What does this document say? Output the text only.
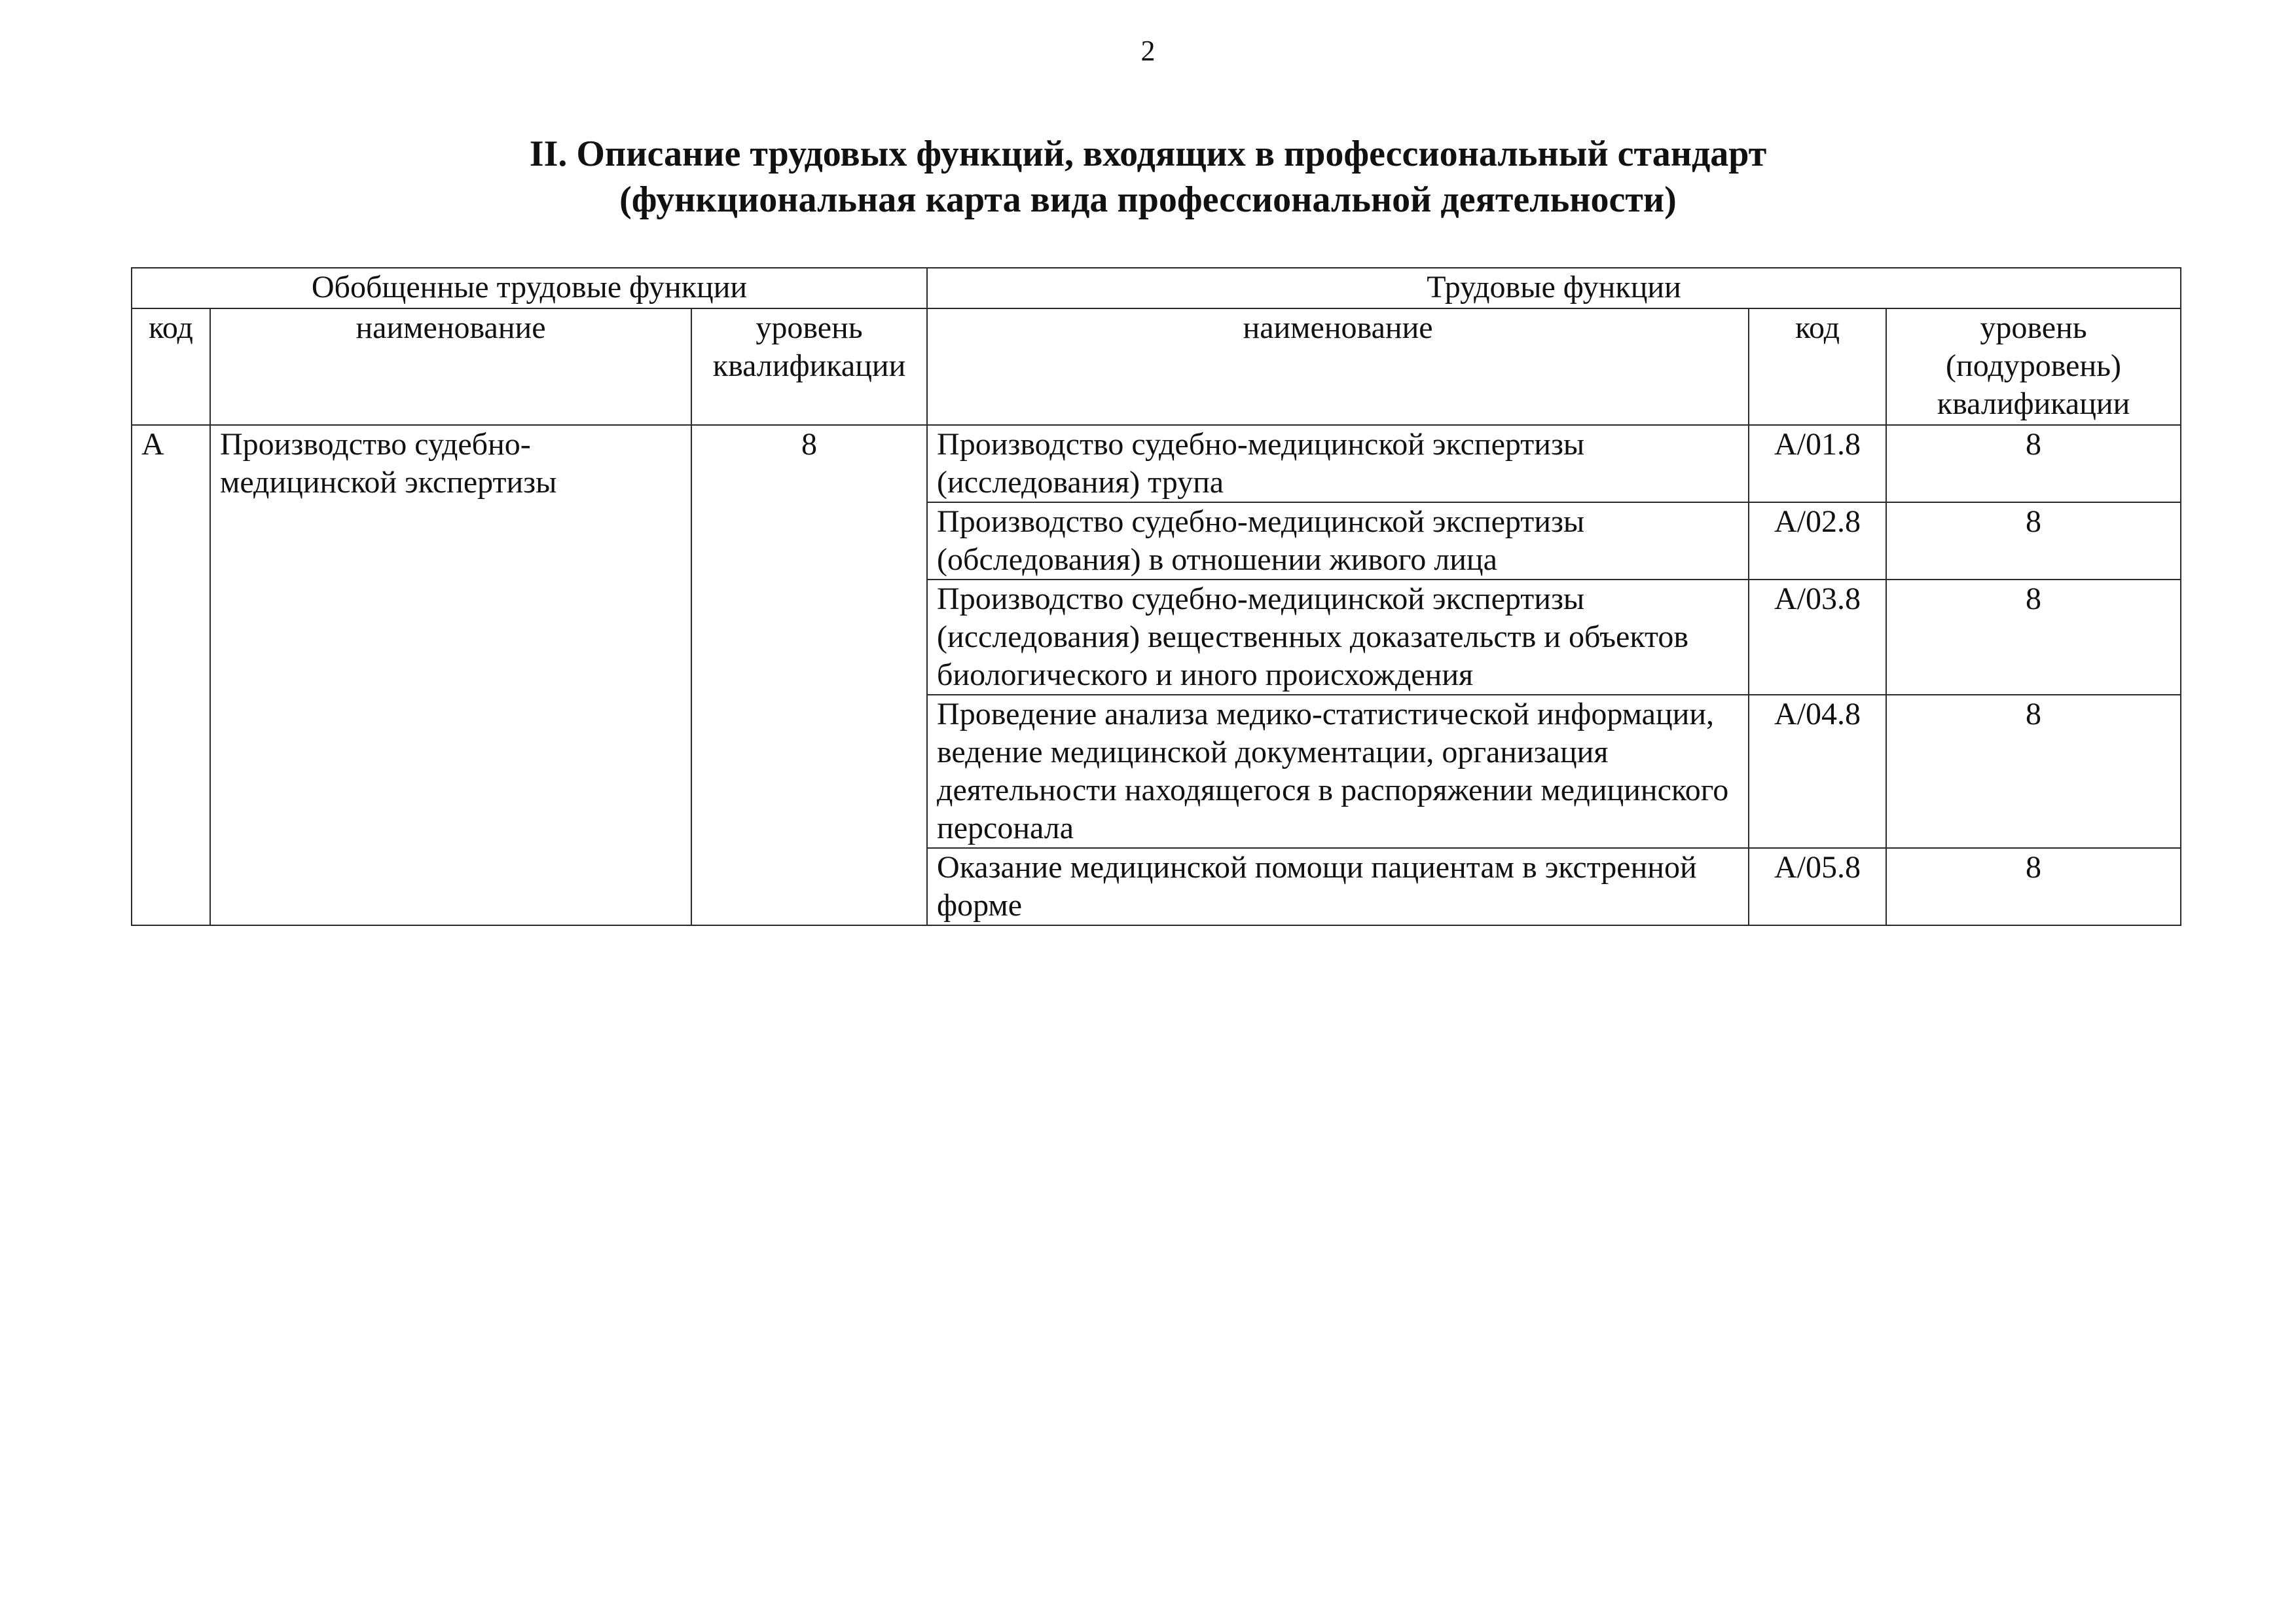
2
II. Описание трудовых функций, входящих в профессиональный стандарт
(функциональная карта вида профессиональной деятельности)
Обобщенные трудовые функции			Трудовые функции		
код	наименование	уровень квалификации	наименование	код	уровень (подуровень) квалификации
A	Производство судебно-медицинской экспертизы	8	Производство судебно-медицинской экспертизы (исследования) трупа	A/01.8	8
			Производство судебно-медицинской экспертизы (обследования) в отношении живого лица	A/02.8	8
			Производство судебно-медицинской экспертизы (исследования) вещественных доказательств и объектов биологического и иного происхождения	A/03.8	8
			Проведение анализа медико-статистической информации, ведение медицинской документации, организация деятельности находящегося в распоряжении медицинского персонала	A/04.8	8
			Оказание медицинской помощи пациентам в экстренной форме	A/05.8	8
